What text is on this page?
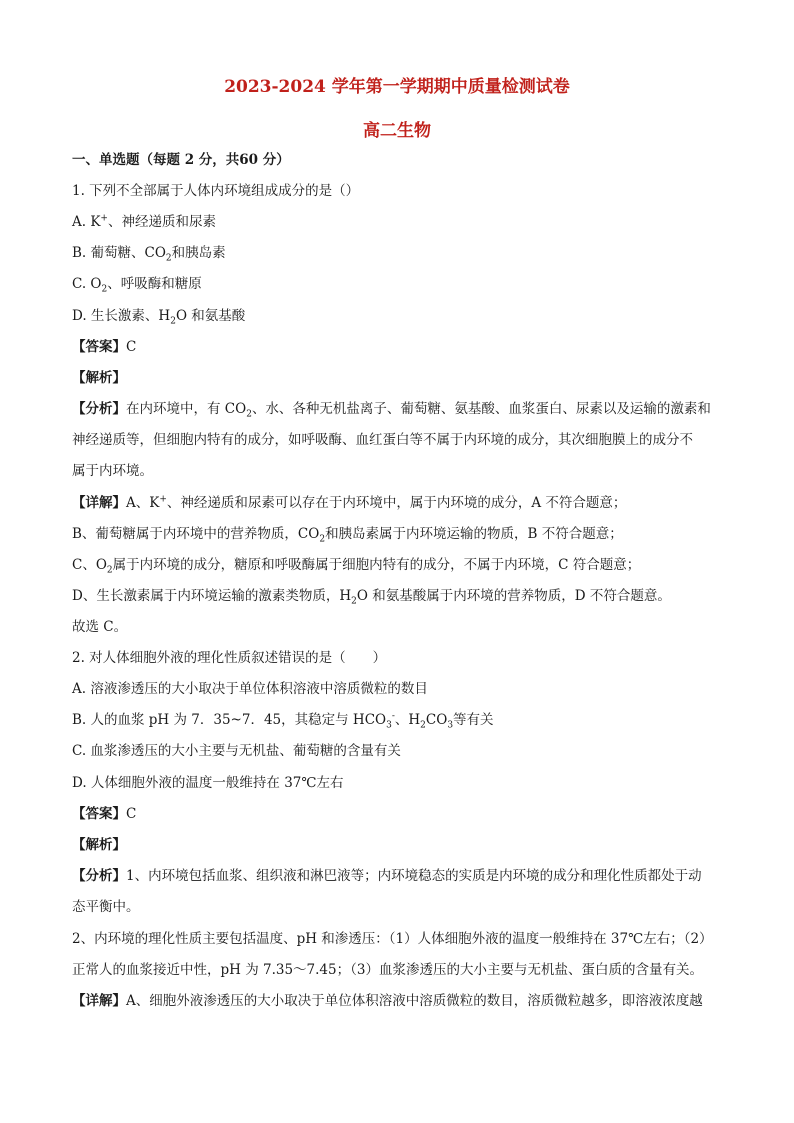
2023-2024 学年第一学期期中质量检测试卷
高二生物

一、单选题（每题 2 分，共60 分）

1. 下列不全部属于人体内环境组成成分的是（）

A. K+、神经递质和尿素

B. 葡萄糖、$CO_2$和胰岛素

C. $O_2$、呼吸酶和糖原

D. 生长激素、$H_2O$ 和氨基酸

【答案】C

【解析】

【分析】在内环境中，有 $CO_2$、水、各种无机盐离子、葡萄糖、氨基酸、血浆蛋白、尿素以及运输的激素和

神经递质等，但细胞内特有的成分，如呼吸酶、血红蛋白等不属于内环境的成分，其次细胞膜上的成分不

属于内环境。

【详解】A、K+、神经递质和尿素可以存在于内环境中，属于内环境的成分，A 不符合题意；

B、葡萄糖属于内环境中的营养物质，$CO_2$和胰岛素属于内环境运输的物质，B 不符合题意；

C、$O_2$属于内环境的成分，糖原和呼吸酶属于细胞内特有的成分，不属于内环境，C 符合题意；

D、生长激素属于内环境运输的激素类物质，$H_2O$ 和氨基酸属于内环境的营养物质，D 不符合题意。

故选 C。

2. 对人体细胞外液的理化性质叙述错误的是（　　）

A. 溶液渗透压的大小取决于单位体积溶液中溶质微粒的数目

B. 人的血浆 pH 为 7．35~7．45，其稳定与 $HCO_3^-$、$H_2CO_3$等有关

C. 血浆渗透压的大小主要与无机盐、葡萄糖的含量有关

D. 人体细胞外液的温度一般维持在 37℃左右

【答案】C

【解析】

【分析】1、内环境包括血浆、组织液和淋巴液等；内环境稳态的实质是内环境的成分和理化性质都处于动

态平衡中。

2、内环境的理化性质主要包括温度、pH 和渗透压：（1）人体细胞外液的温度一般维持在 37℃左右；（2）

正常人的血浆接近中性，pH 为 7.35～7.45；（3）血浆渗透压的大小主要与无机盐、蛋白质的含量有关。

【详解】A、细胞外液渗透压的大小取决于单位体积溶液中溶质微粒的数目，溶质微粒越多，即溶液浓度越
